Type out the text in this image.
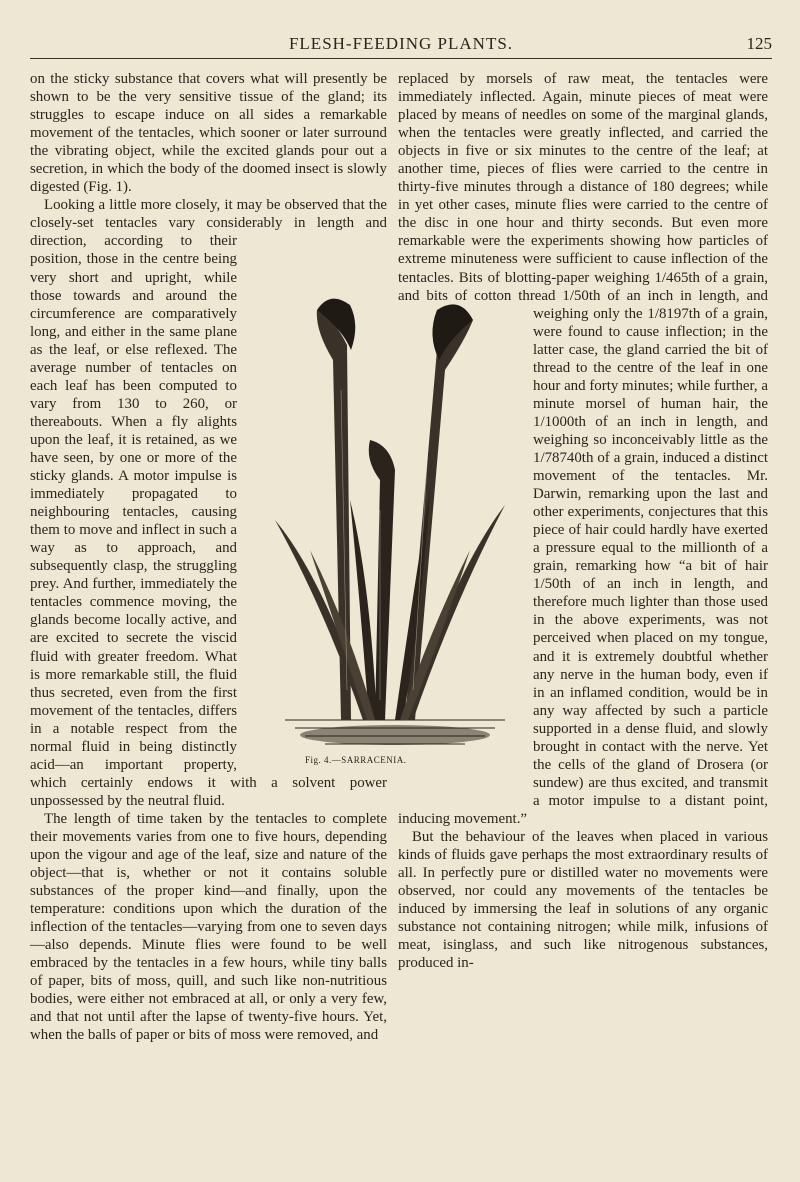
FLESH-FEEDING PLANTS.	125

on the sticky substance that covers what will presently be shown to be the very sensitive tissue of the gland; its struggles to escape induce on all sides a remarkable movement of the tentacles, which sooner or later surround the vibrating object, while the excited glands pour out a secretion, in which the body of the doomed insect is slowly digested (Fig. 1).

Looking a little more closely, it may be observed that the closely-set tentacles vary considerably in length and direction, according to their position, those in the centre being very short and upright, while those towards and around the circumference are comparatively long, and either in the same plane as the leaf, or else reflexed. The average number of tentacles on each leaf has been computed to vary from 130 to 260, or thereabouts. When a fly alights upon the leaf, it is retained, as we have seen, by one or more of the sticky glands. A motor impulse is immediately propagated to neighbouring tentacles, causing them to move and inflect in such a way as to approach, and subsequently clasp, the struggling prey. And further, immediately the tentacles commence moving, the glands become locally active, and are excited to secrete the viscid fluid with greater freedom. What is more remarkable still, the fluid thus secreted, even from the first movement of the tentacles, differs in a notable respect from the normal fluid in being distinctly acid—an important property, which certainly endows it with a solvent power unpossessed by the neutral fluid.

The length of time taken by the tentacles to complete their movements varies from one to five hours, depending upon the vigour and age of the leaf, size and nature of the object—that is, whether or not it contains soluble substances of the proper kind—and finally, upon the temperature: conditions upon which the duration of the inflection of the tentacles—varying from one to seven days—also depends. Minute flies were found to be well embraced by the tentacles in a few hours, while tiny balls of paper, bits of moss, quill, and such like non-nutritious bodies, were either not embraced at all, or only a very few, and that not until after the lapse of twenty-five hours. Yet, when the balls of paper or bits of moss were removed, and

replaced by morsels of raw meat, the tentacles were immediately inflected. Again, minute pieces of meat were placed by means of needles on some of the marginal glands, when the tentacles were greatly inflected, and carried the objects in five or six minutes to the centre of the leaf; at another time, pieces of flies were carried to the centre in thirty-five minutes through a distance of 180 degrees; while in yet other cases, minute flies were carried to the centre of the disc in one hour and thirty seconds. But even more remarkable were the experiments showing how particles of extreme minuteness were sufficient to cause inflection of the tentacles. Bits of blotting-paper weighing 1/465th of a grain, and bits of cotton thread 1/50th of an inch in length, and weighing only the 1/8197th of a grain, were found to cause inflection; in the latter case, the gland carried the bit of thread to the centre of the leaf in one hour and forty minutes; while further, a minute morsel of human hair, the 1/1000th of an inch in length, and weighing so inconceivably little as the 1/78740th of a grain, induced a distinct movement of the tentacles. Mr. Darwin, remarking upon the last and other experiments, conjectures that this piece of hair could hardly have exerted a pressure equal to the millionth of a grain, remarking how “a bit of hair 1/50th of an inch in length, and therefore much lighter than those used in the above experiments, was not perceived when placed on my tongue, and it is extremely doubtful whether any nerve in the human body, even if in an inflamed condition, would be in any way affected by such a particle supported in a dense fluid, and slowly brought in contact with the nerve. Yet the cells of the gland of Drosera (or sundew) are thus excited, and transmit a motor impulse to a distant point, inducing movement.”

But the behaviour of the leaves when placed in various kinds of fluids gave perhaps the most extraordinary results of all. In perfectly pure or distilled water no movements were observed, nor could any movements of the tentacles be induced by immersing the leaf in solutions of any organic substance not containing nitrogen; while milk, infusions of meat, isinglass, and such like nitrogenous substances, produced in-

Fig. 4.—SARRACENIA.
